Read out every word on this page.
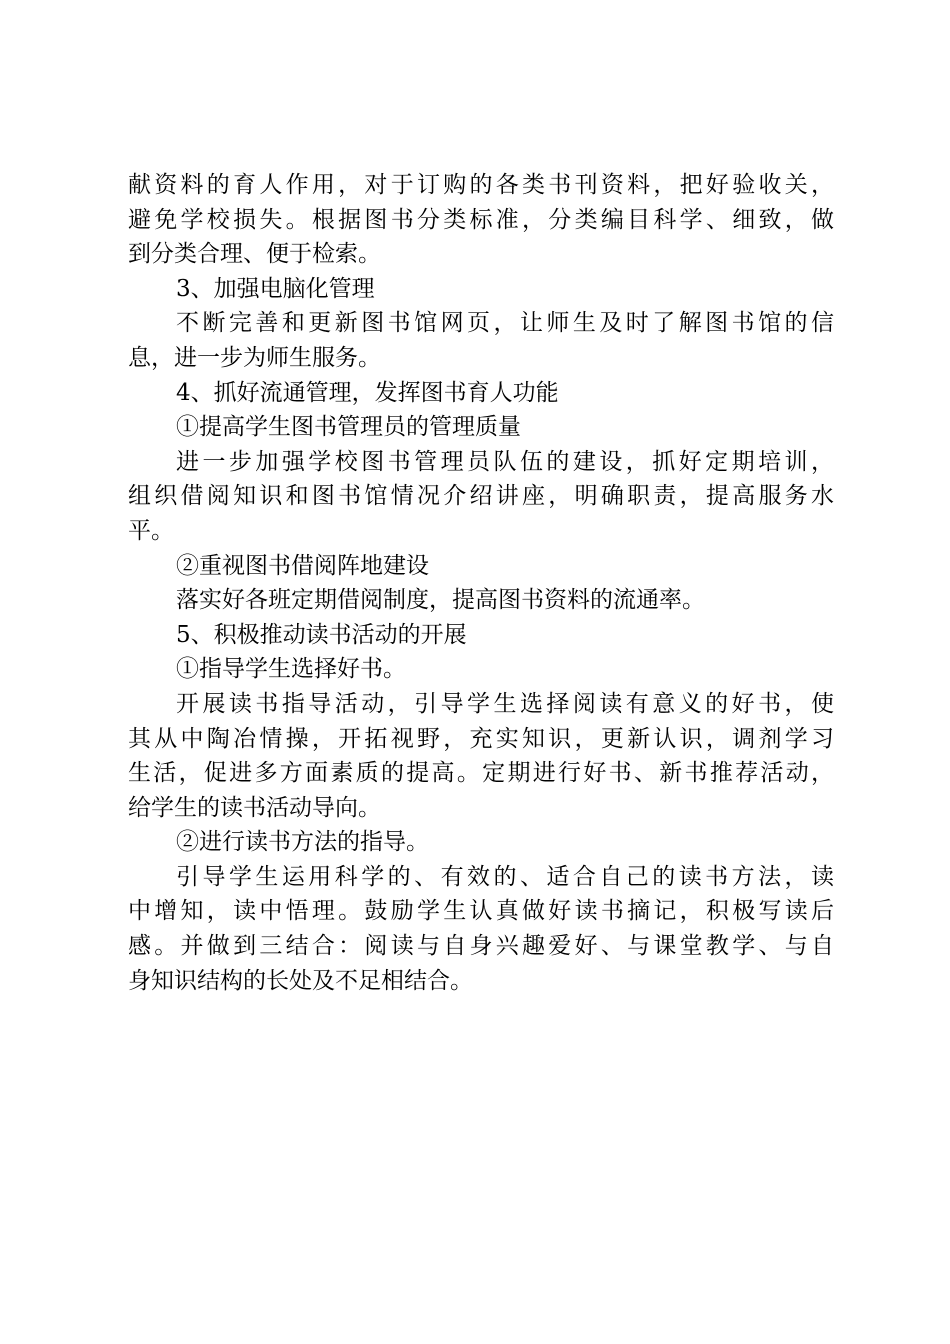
献资料的育人作用，对于订购的各类书刊资料，把好验收关，
避免学校损失。根据图书分类标准，分类编目科学、细致，做
到分类合理、便于检索。
3、加强电脑化管理
不断完善和更新图书馆网页，让师生及时了解图书馆的信
息，进一步为师生服务。
4、抓好流通管理，发挥图书育人功能
①提高学生图书管理员的管理质量
进一步加强学校图书管理员队伍的建设，抓好定期培训，
组织借阅知识和图书馆情况介绍讲座，明确职责，提高服务水
平。
②重视图书借阅阵地建设
落实好各班定期借阅制度，提高图书资料的流通率。
5、积极推动读书活动的开展
①指导学生选择好书。
开展读书指导活动，引导学生选择阅读有意义的好书，使
其从中陶冶情操，开拓视野，充实知识，更新认识，调剂学习
生活，促进多方面素质的提高。定期进行好书、新书推荐活动，
给学生的读书活动导向。
②进行读书方法的指导。
引导学生运用科学的、有效的、适合自己的读书方法，读
中增知，读中悟理。鼓励学生认真做好读书摘记，积极写读后
感。并做到三结合：阅读与自身兴趣爱好、与课堂教学、与自
身知识结构的长处及不足相结合。
